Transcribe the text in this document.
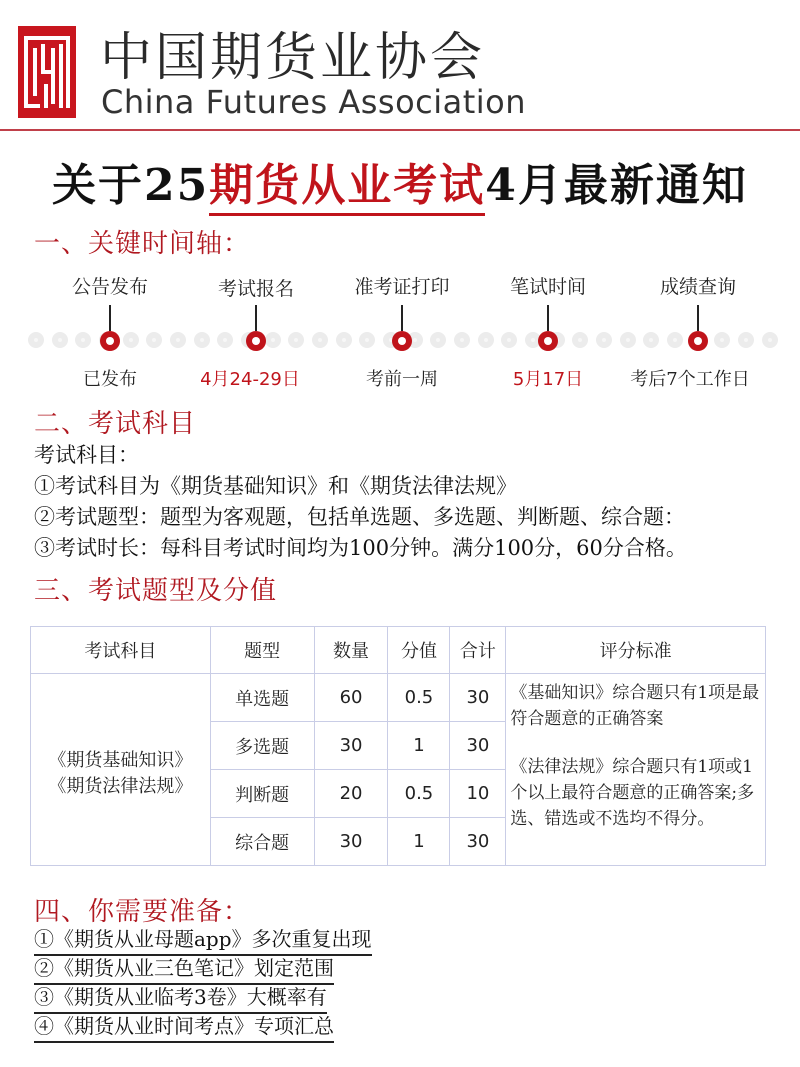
中国期货业协会
China Futures Association
关于25期货从业考试4月最新通知
一、关键时间轴：
公告发布	考试报名	准考证打印	笔试时间	成绩查询
已发布	4月24-29日	考前一周	5月17日	考后7个工作日
二、考试科目
考试科目：
①考试科目为《期货基础知识》和《期货法律法规》
②考试题型：题型为客观题，包括单选题、多选题、判断题、综合题：
③考试时长：每科目考试时间均为100分钟。满分100分，60分合格。
三、考试题型及分值
考试科目	题型	数量	分值	合计	评分标准

《期货基础知识》
《期货法律法规》	单选题	60	0.5	30	《基础知识》综合题只有1项是最符合题意的正确答案
《法律法规》综合题只有1项或1个以上最符合题意的正确答案;多选、错选或不选均不得分。

	多选题	30	1	30	
	判断题	20	0.5	10	
	综合题	30	1	30	
四、你需要准备：
①《期货从业母题app》多次重复出现
②《期货从业三色笔记》划定范围
③《期货从业临考3卷》大概率有
④《期货从业时间考点》专项汇总
